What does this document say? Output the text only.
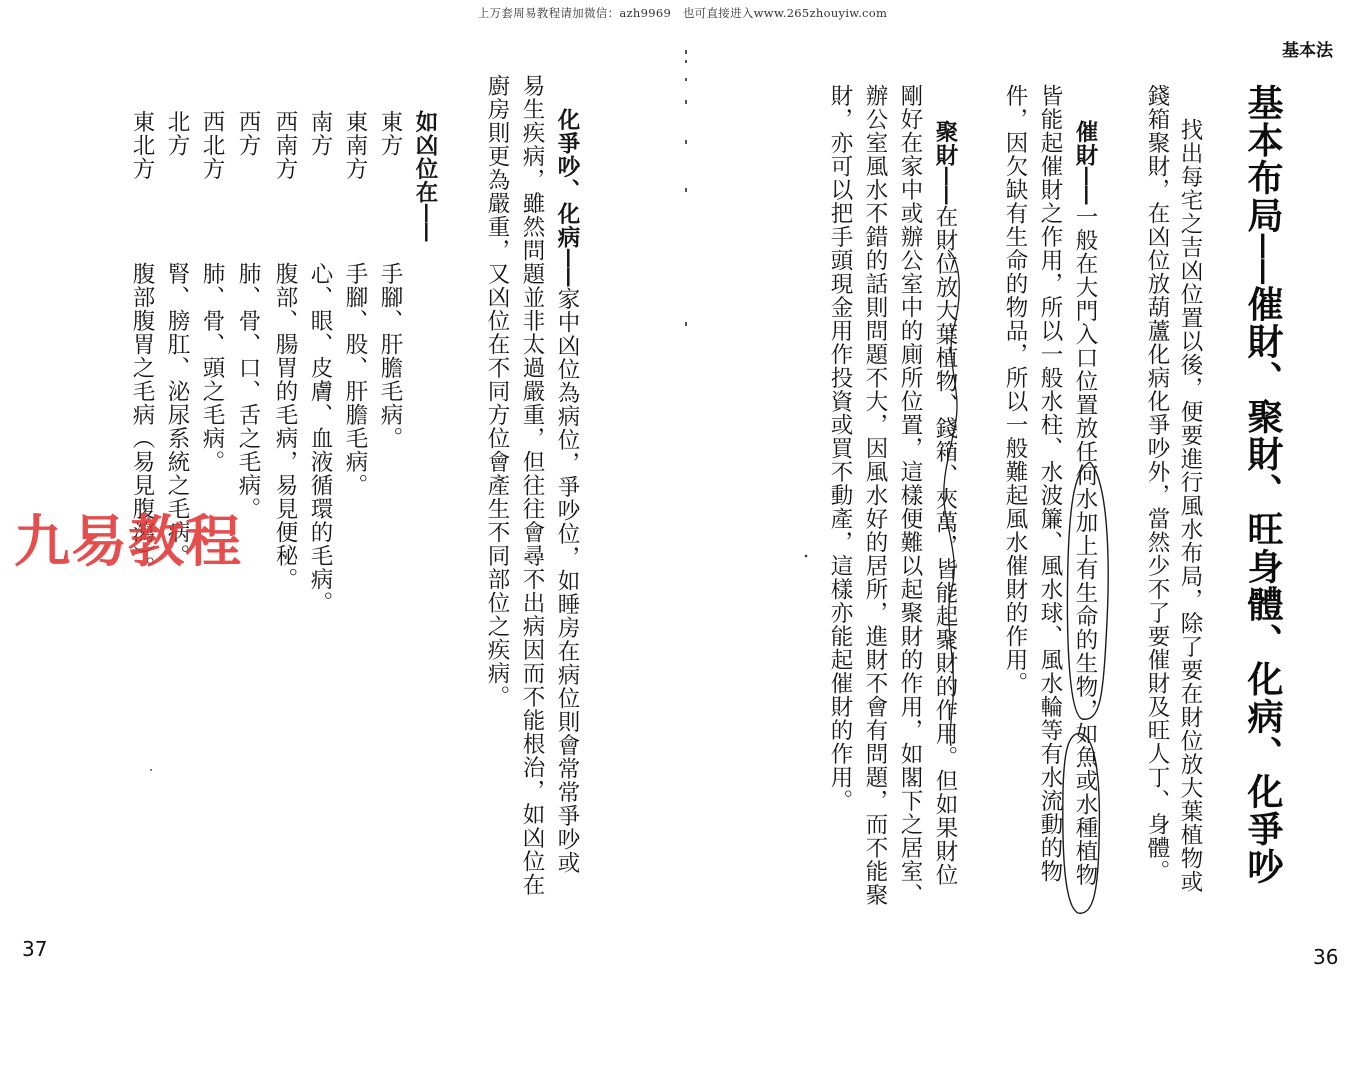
上万套周易教程请加微信：azh9969　也可直接进入www.265zhouyiw.com
基本法
基本布局──催財、聚財、旺身體、化病、化爭吵
找出每宅之吉凶位置以後，便要進行風水布局，除了要在財位放大葉植物或
錢箱聚財，在凶位放葫蘆化病化爭吵外，當然少不了要催財及旺人丁、身體。
催財──一般在大門入口位置放任何水加上有生命的生物，如魚或水種植物
皆能起催財之作用，所以一般水柱、水波簾、風水球、風水輪等有水流動的物
件，因欠缺有生命的物品，所以一般難起風水催財的作用。
聚財──在財位放大葉植物、錢箱、夾萬，皆能起聚財的作用。但如果財位
剛好在家中或辦公室中的廁所位置，這樣便難以起聚財的作用，如閣下之居室、
辦公室風水不錯的話則問題不大，因風水好的居所，進財不會有問題，而不能聚
財，亦可以把手頭現金用作投資或買不動產，這樣亦能起催財的作用。
36
化爭吵、化病──家中凶位為病位，爭吵位，如睡房在病位則會常常爭吵或
易生疾病，雖然問題並非太過嚴重，但往往會尋不出病因而不能根治，如凶位在
廚房則更為嚴重，又凶位在不同方位會產生不同部位之疾病。
如凶位在──
東方
手腳、肝膽毛病。
東南方
手腳、股、肝膽毛病。
南方
心、眼、皮膚、血液循環的毛病。
西南方
腹部、腸胃的毛病，易見便秘。
西方
肺、骨、口、舌之毛病。
西北方
肺、骨、頭之毛病。
北方
腎、膀肛、泌尿系統之毛病。
東北方
腹部腹胃之毛病（易見腹瀉）。
37
九易教程
